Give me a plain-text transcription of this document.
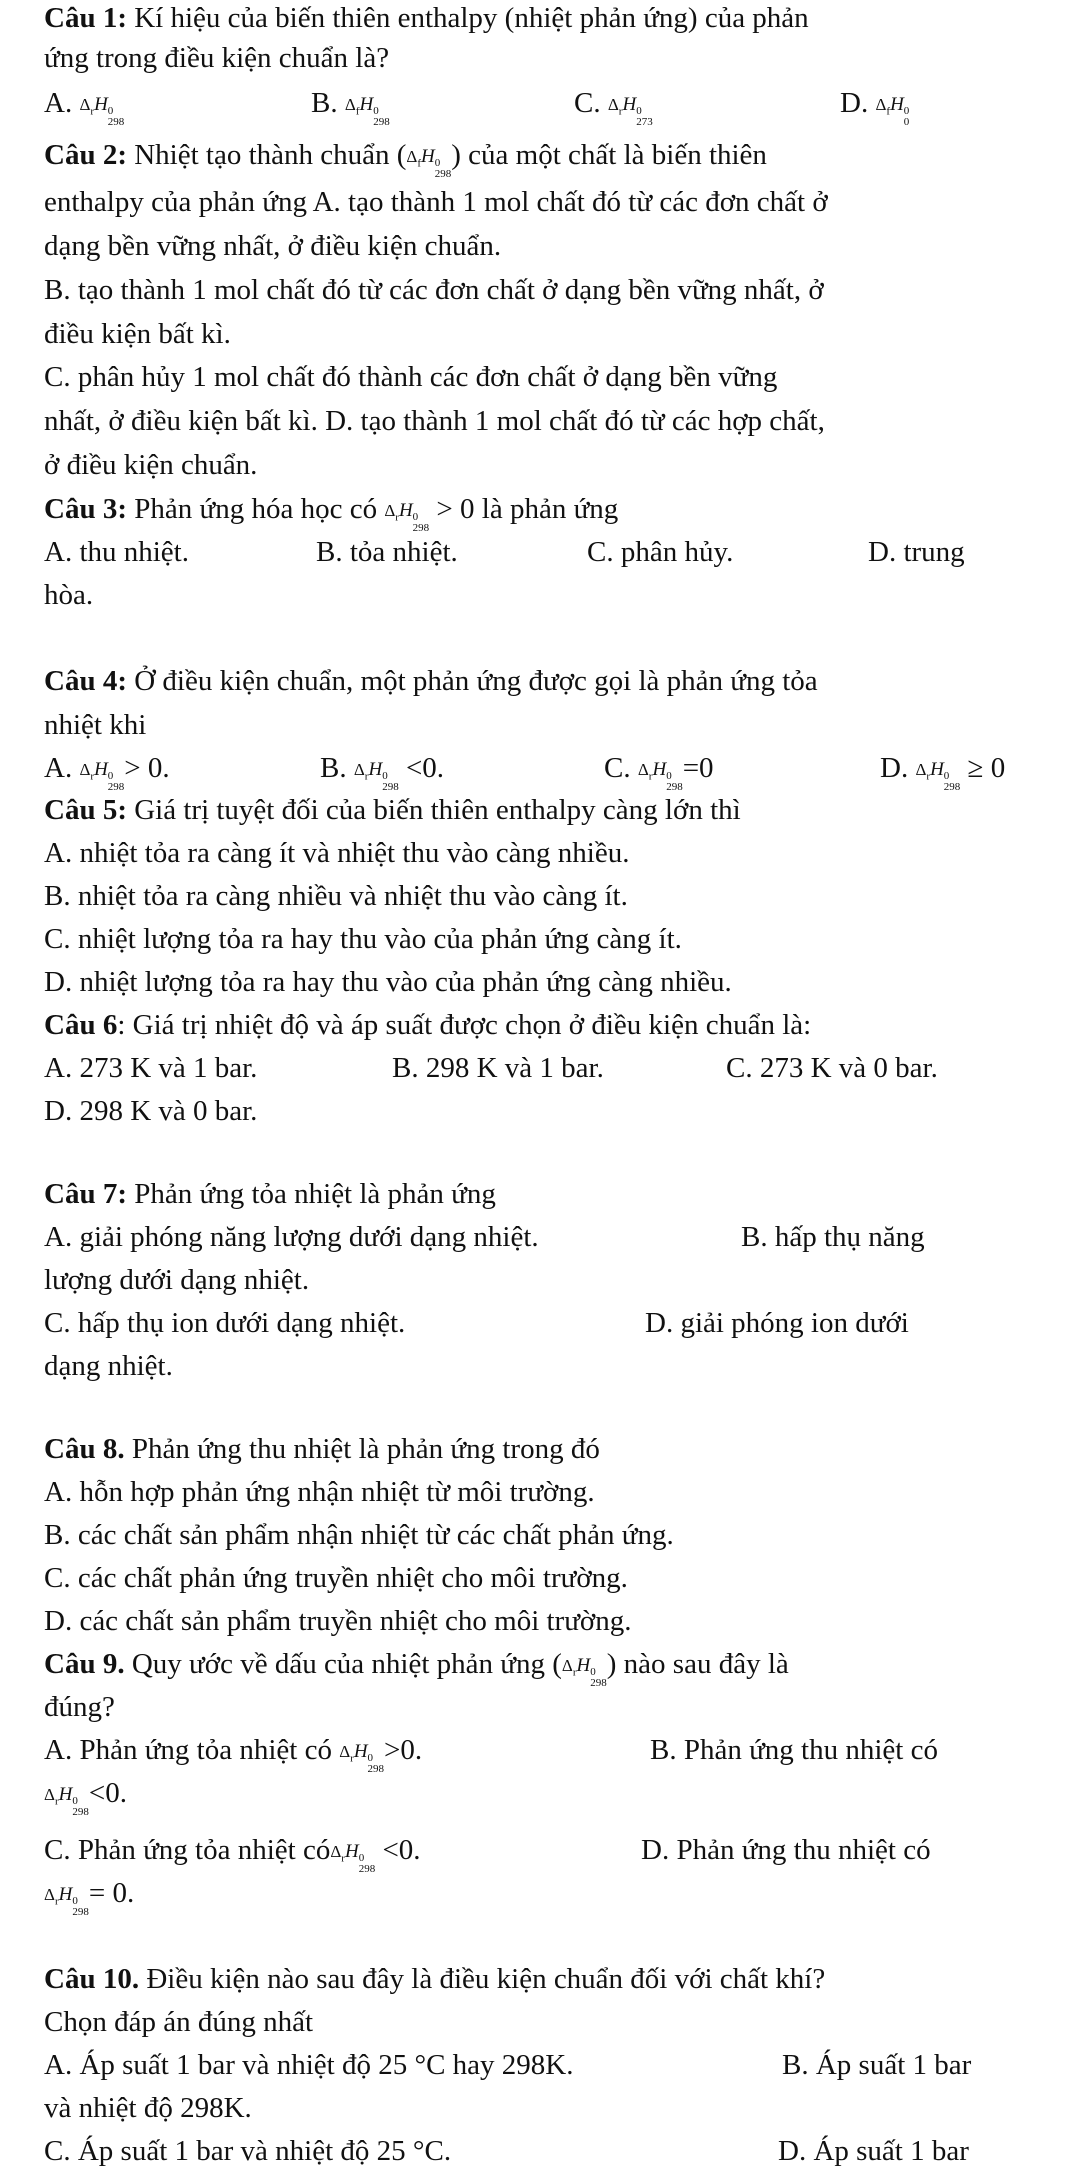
Câu 1: Kí hiệu của biến thiên enthalpy (nhiệt phản ứng) của phản
ứng trong điều kiện chuẩn là?
A. $\Delta_rH$ 0
298
B. $\Delta_fH$ 0
298
C. $\Delta_rH$ 0
273
D. $\Delta_fH$ 0
0
Câu 2: Nhiệt tạo thành chuẩn ($\Delta_fH$ 0
298
) của một chất là biến thiên
enthalpy của phản ứng A. tạo thành 1 mol chất đó từ các đơn chất ở
dạng bền vững nhất, ở điều kiện chuẩn.
B. tạo thành 1 mol chất đó từ các đơn chất ở dạng bền vững nhất, ở
điều kiện bất kì.
C. phân hủy 1 mol chất đó thành các đơn chất ở dạng bền vững
nhất, ở điều kiện bất kì. D. tạo thành 1 mol chất đó từ các hợp chất,
ở điều kiện chuẩn.
Câu 3: Phản ứng hóa học có $\Delta_rH$ 0
298
> 0 là phản ứng
A. thu nhiệt.	B. tỏa nhiệt.	C. phân hủy.	D. trung
hòa.
Câu 4: Ở điều kiện chuẩn, một phản ứng được gọi là phản ứng tỏa
nhiệt khi
A. $\Delta_rH$ 0
298
> 0.	B. $\Delta_rH$ 0
298
<0.	C. $\Delta_rH$ 0
298
=0	D. $\Delta_rH$ 0
298
≥ 0
Câu 5: Giá trị tuyệt đối của biến thiên enthalpy càng lớn thì
A. nhiệt tỏa ra càng ít và nhiệt thu vào càng nhiều.
B. nhiệt tỏa ra càng nhiều và nhiệt thu vào càng ít.
C. nhiệt lượng tỏa ra hay thu vào của phản ứng càng ít.
D. nhiệt lượng tỏa ra hay thu vào của phản ứng càng nhiều.
Câu 6: Giá trị nhiệt độ và áp suất được chọn ở điều kiện chuẩn là:
A. 273 K và 1 bar.	B. 298 K và 1 bar.	C. 273 K và 0 bar.
D. 298 K và 0 bar.
Câu 7: Phản ứng tỏa nhiệt là phản ứng
A. giải phóng năng lượng dưới dạng nhiệt.	B. hấp thụ năng
lượng dưới dạng nhiệt.
C. hấp thụ ion dưới dạng nhiệt.	D. giải phóng ion dưới
dạng nhiệt.
Câu 8. Phản ứng thu nhiệt là phản ứng trong đó
A. hỗn hợp phản ứng nhận nhiệt từ môi trường.
B. các chất sản phẩm nhận nhiệt từ các chất phản ứng.
C. các chất phản ứng truyền nhiệt cho môi trường.
D. các chất sản phẩm truyền nhiệt cho môi trường.
Câu 9. Quy ước về dấu của nhiệt phản ứng ($\Delta_rH$ 0
298
) nào sau đây là
đúng?
A. Phản ứng tỏa nhiệt có $\Delta_rH$ 0
298
>0.	B. Phản ứng thu nhiệt có
$\Delta_rH$ 0
298
<0.
C. Phản ứng tỏa nhiệt cóΔ$_r$H 0
298
<0.	D. Phản ứng thu nhiệt có
$\Delta_rH$ 0
298
= 0.
Câu 10. Điều kiện nào sau đây là điều kiện chuẩn đối với chất khí?
Chọn đáp án đúng nhất
A. Áp suất 1 bar và nhiệt độ 25 °C hay 298K.	B. Áp suất 1 bar
và nhiệt độ 298K.
C. Áp suất 1 bar và nhiệt độ 25 °C.	D. Áp suất 1 bar
